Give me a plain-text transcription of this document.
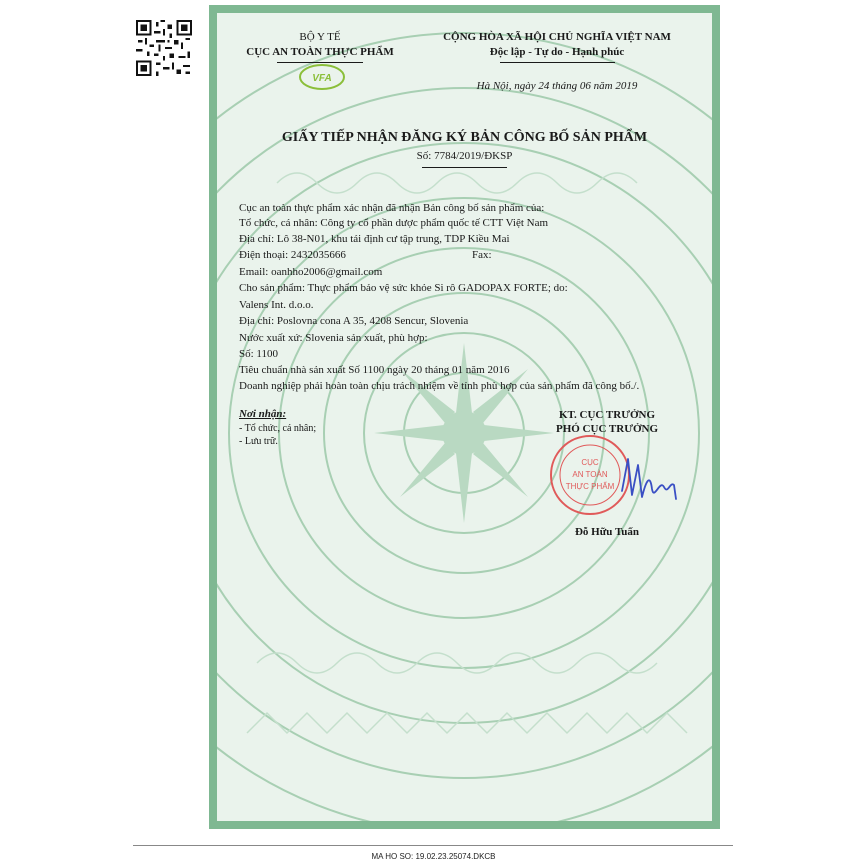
BỘ Y TẾ
CỤC AN TOÀN THỰC PHẨM
VFA
CỘNG HÒA XÃ HỘI CHỦ NGHĨA VIỆT NAM
Độc lập - Tự do - Hạnh phúc
Hà Nội, ngày 24 tháng 06 năm 2019
GIẤY TIẾP NHẬN ĐĂNG KÝ BẢN CÔNG BỐ SẢN PHẨM
Số: 7784/2019/ĐKSP
Cục an toàn thực phẩm xác nhận đã nhận Bản công bố sản phẩm của:
Tổ chức, cá nhân: Công ty cổ phần dược phẩm quốc tế CTT Việt Nam
Địa chỉ: Lô 38-N01, khu tái định cư tập trung, TDP Kiều Mai
Điện thoại: 2432035666	Fax:
Email: oanhho2006@gmail.com
Cho sản phẩm: Thực phẩm bảo vệ sức khỏe Si rô GADOPAX FORTE; do:
Valens Int. d.o.o.
Địa chỉ: Poslovna cona A 35, 4208 Sencur, Slovenia
Nước xuất xứ: Slovenia sản xuất, phù hợp:
Số: 1100
Tiêu chuẩn nhà sản xuất Số 1100 ngày 20 tháng 01 năm 2016
Doanh nghiệp phải hoàn toàn chịu trách nhiệm về tính phù hợp của sản phẩm đã công bố./.
Nơi nhận:
- Tổ chức, cá nhân;
- Lưu trữ.
KT. CỤC TRƯỞNG
PHÓ CỤC TRƯỞNG
CỤC
AN TOÀN
THỰC PHẨM
Đỗ Hữu Tuấn
MA HO SO: 19.02.23.25074.DKCB
